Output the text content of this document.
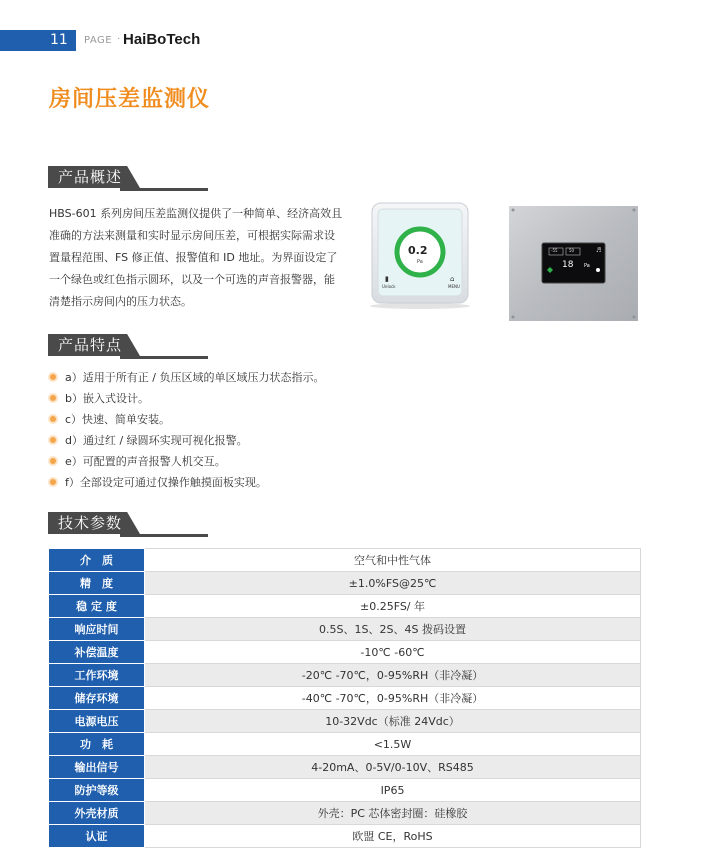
11	PAGE · HaiBoTech
房间压差监测仪
产品概述
HBS-601 系列房间压差监测仪提供了一种简单、经济高效且准确的方法来测量和实时显示房间压差，可根据实际需求设置量程范围、FS 修正值、报警值和 ID 地址。为界面设定了一个绿色或红色指示圆环，以及一个可选的声音报警器，能清楚指示房间内的压力状态。
0.2
Pa
▮
Unlock
⌂
MENU
-55	50	♬
18 Pa
产品特点
a）适用于所有正 / 负压区域的单区域压力状态指示。
b）嵌入式设计。
c）快速、简单安装。
d）通过红 / 绿圆环实现可视化报警。
e）可配置的声音报警人机交互。
f）全部设定可通过仅操作触摸面板实现。
技术参数
介　质	空气和中性气体
精　度	±1.0%FS@25℃
稳 定 度	±0.25FS/ 年
响应时间	0.5S、1S、2S、4S 拨码设置
补偿温度	-10℃ -60℃
工作环境	-20℃ -70℃，0-95%RH（非冷凝）
储存环境	-40℃ -70℃，0-95%RH（非冷凝）
电源电压	10-32Vdc（标准 24Vdc）
功　耗	<1.5W
输出信号	4-20mA、0-5V/0-10V、RS485
防护等级	IP65
外壳材质	外壳：PC 芯体密封圈：硅橡胶
认证	欧盟 CE，RoHS
